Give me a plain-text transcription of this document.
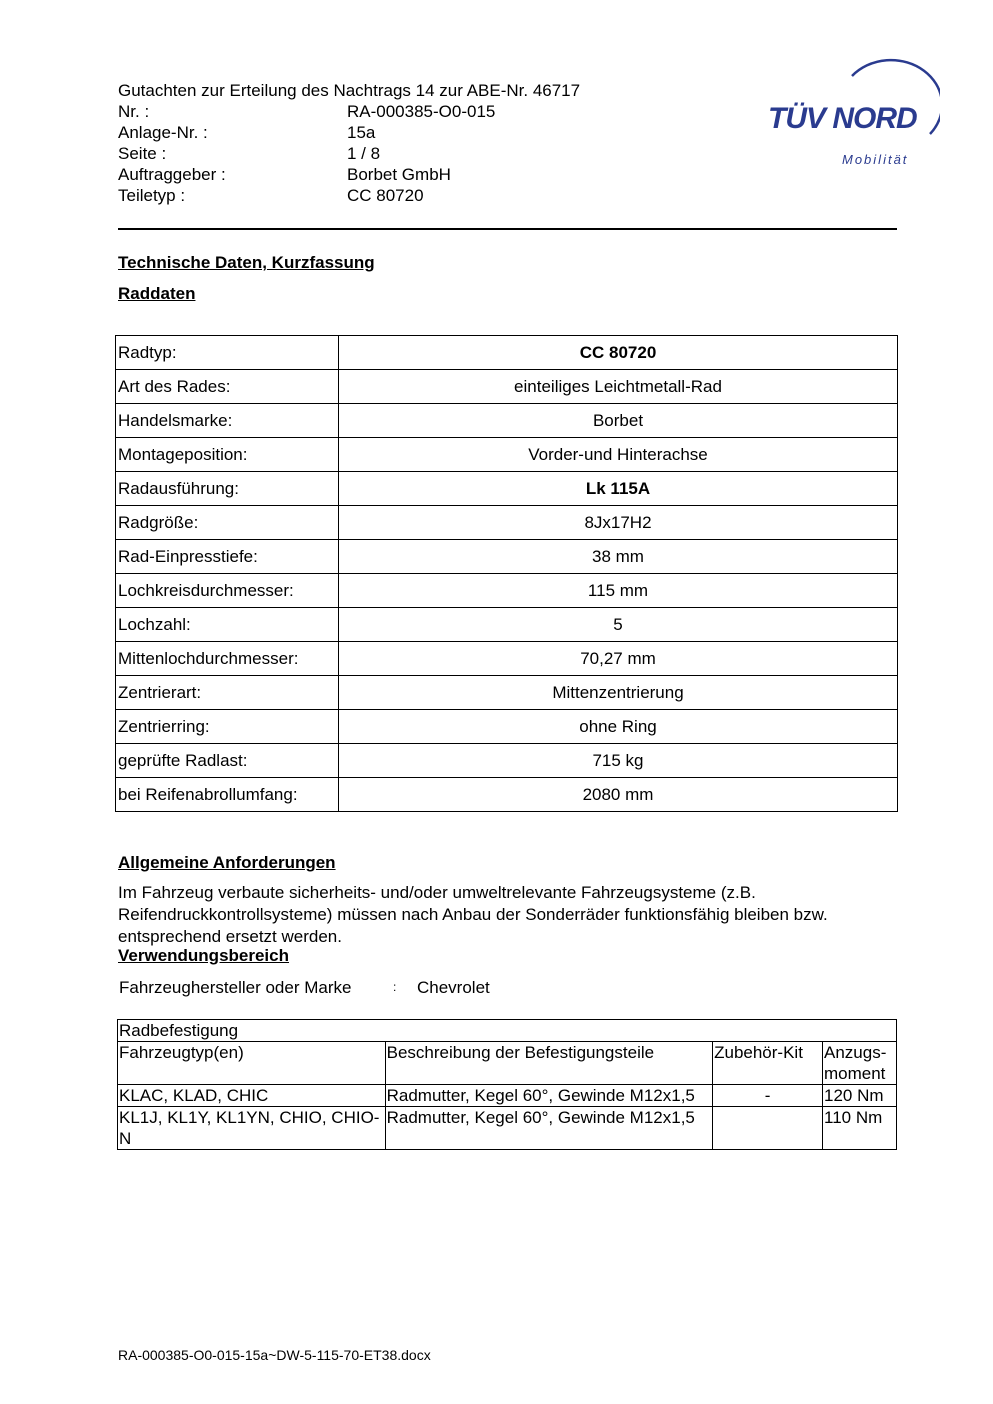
Gutachten zur Erteilung des Nachtrags 14 zur ABE-Nr. 46717
Nr. :	RA-000385-O0-015
Anlage-Nr. :	15a
Seite :	1 / 8
Auftraggeber :	Borbet GmbH
Teiletyp :	CC 80720
TÜV NORD
Mobilität
Technische Daten, Kurzfassung
Raddaten
Radtyp:	CC 80720
Art des Rades:	einteiliges Leichtmetall-Rad
Handelsmarke:	Borbet
Montageposition:	Vorder-und Hinterachse
Radausführung:	Lk 115A
Radgröße:	8Jx17H2
Rad-Einpresstiefe:	38 mm
Lochkreisdurchmesser:	115 mm
Lochzahl:	5
Mittenlochdurchmesser:	70,27 mm
Zentrierart:	Mittenzentrierung
Zentrierring:	ohne Ring
geprüfte Radlast:	715 kg
bei Reifenabrollumfang:	2080 mm
Allgemeine Anforderungen
Im Fahrzeug verbaute sicherheits- und/oder umweltrelevante Fahrzeugsysteme (z.B. Reifendruckkontrollsysteme) müssen nach Anbau der Sonderräder funktionsfähig bleiben bzw. entsprechend ersetzt werden.
Verwendungsbereich
Fahrzeughersteller oder Marke	:	Chevrolet
Radbefestigung			
Fahrzeugtyp(en)	Beschreibung der Befestigungsteile	Zubehör-Kit	Anzugs-moment
KLAC, KLAD, CHIC	Radmutter, Kegel 60°, Gewinde M12x1,5	-	120 Nm
KL1J, KL1Y, KL1YN, CHIO, CHIO-N	Radmutter, Kegel 60°, Gewinde M12x1,5		110 Nm
RA-000385-O0-015-15a~DW-5-115-70-ET38.docx
